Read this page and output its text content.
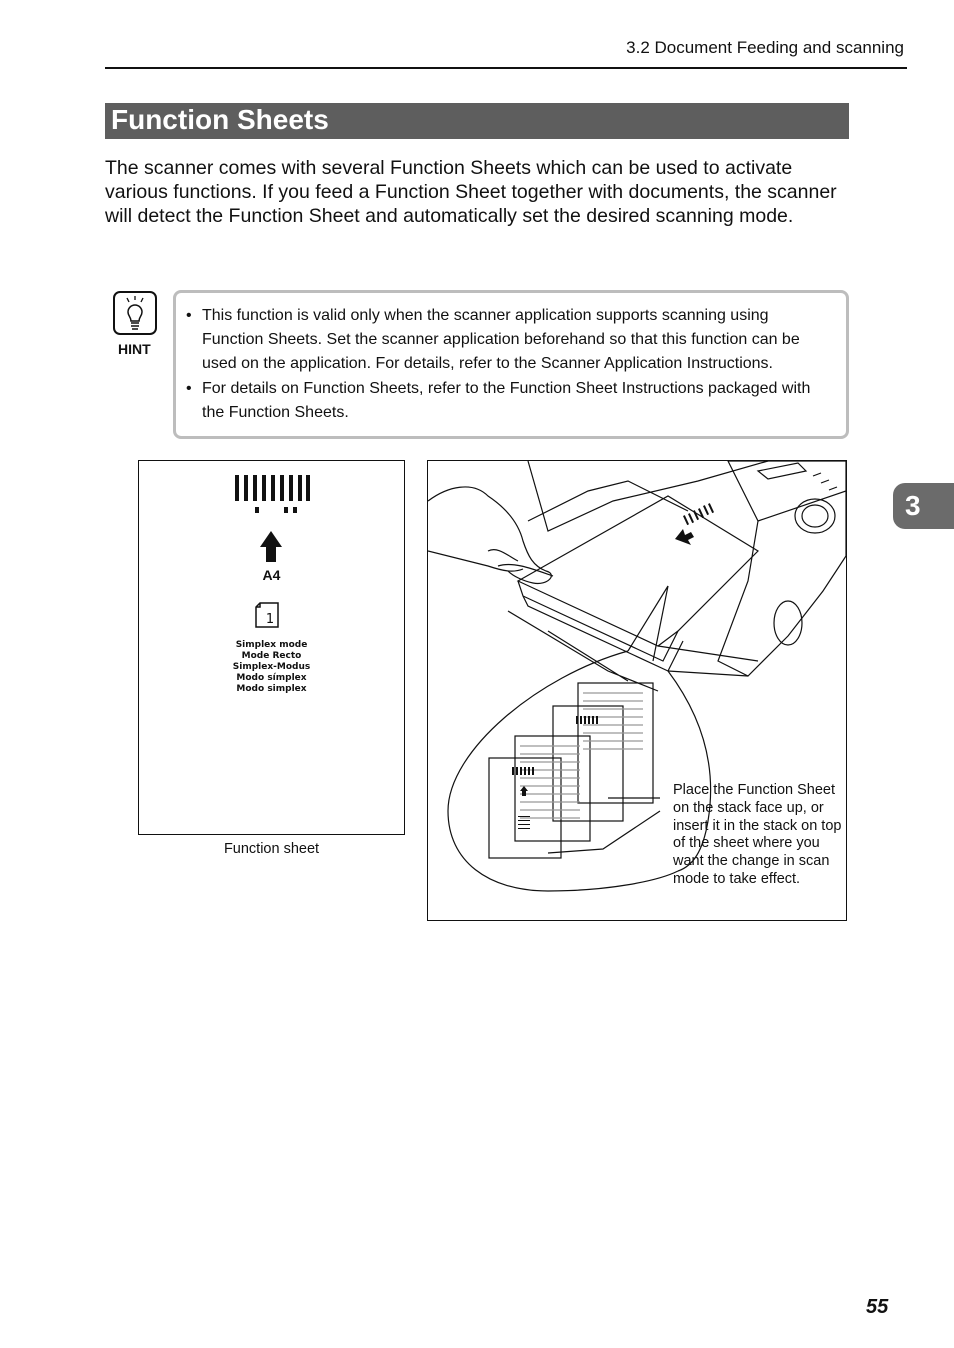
3.2 Document Feeding and scanning
3
Function Sheets

The scanner comes with several Function Sheets which can be used to activate various functions. If you feed a Function Sheet together with documents, the scanner will detect the Function Sheet and automatically set the desired scanning mode.

HINT
• This function is valid only when the scanner application supports scanning using Function Sheets. Set the scanner application beforehand so that this function can be used on the application. For details, refer to the Scanner Application Instructions.
• For details on Function Sheets, refer to the Function Sheet Instructions packaged with the Function Sheets.
1
A4
Simplex mode
Mode Recto
Simplex-Modus
Modo símplex
Modo simplex
Function sheet
Place the Function Sheet on the stack face up, or insert it in the stack on top of the sheet where you want the change in scan mode to take effect.
55
